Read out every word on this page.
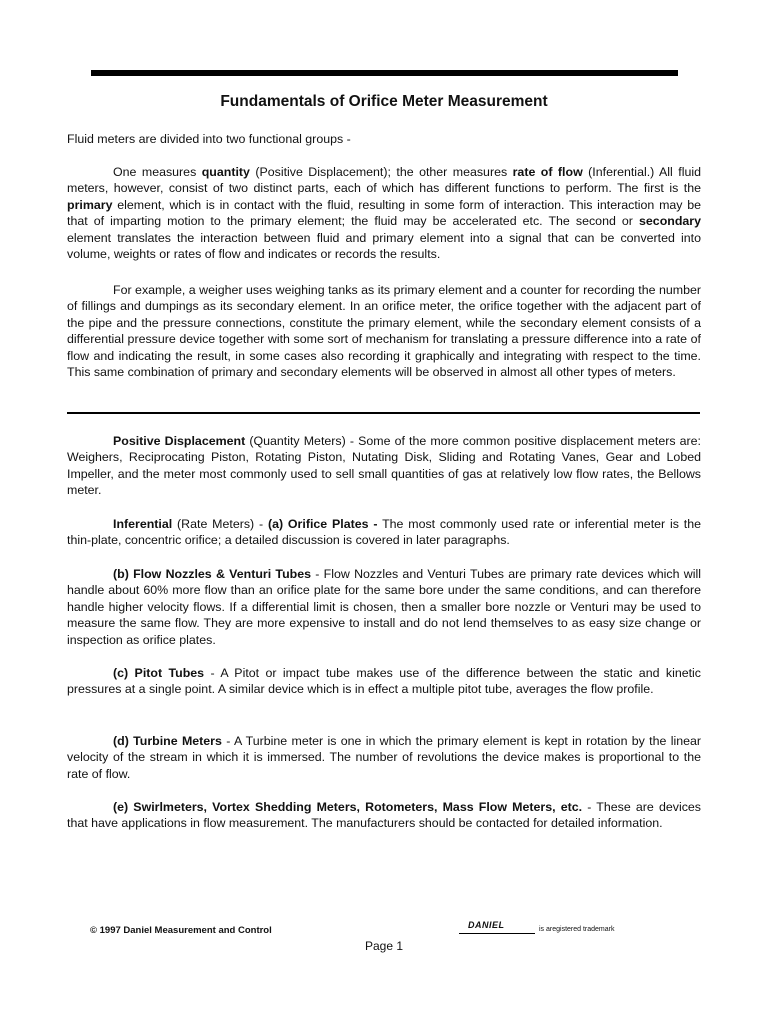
Fundamentals of Orifice Meter Measurement
Fluid meters are divided into two functional groups -
One measures quantity (Positive Displacement); the other measures rate of flow (Inferential.) All fluid meters, however, consist of two distinct parts, each of which has different functions to perform. The first is the primary element, which is in contact with the fluid, resulting in some form of interaction. This interaction may be that of imparting motion to the primary element; the fluid may be accelerated etc. The second or secondary element translates the interaction between fluid and primary element into a signal that can be converted into volume, weights or rates of flow and indicates or records the results.
For example, a weigher uses weighing tanks as its primary element and a counter for recording the number of fillings and dumpings as its secondary element. In an orifice meter, the orifice together with the adjacent part of the pipe and the pressure connections, constitute the primary element, while the secondary element consists of a differential pressure device together with some sort of mechanism for translating a pressure difference into a rate of flow and indicating the result, in some cases also recording it graphically and integrating with respect to the time. This same combination of primary and secondary elements will be observed in almost all other types of meters.
Positive Displacement (Quantity Meters) - Some of the more common positive displacement meters are: Weighers, Reciprocating Piston, Rotating Piston, Nutating Disk, Sliding and Rotating Vanes, Gear and Lobed Impeller, and the meter most commonly used to sell small quantities of gas at relatively low flow rates, the Bellows meter.
Inferential (Rate Meters) - (a) Orifice Plates - The most commonly used rate or inferential meter is the thin-plate, concentric orifice; a detailed discussion is covered in later paragraphs.
(b) Flow Nozzles & Venturi Tubes - Flow Nozzles and Venturi Tubes are primary rate devices which will handle about 60% more flow than an orifice plate for the same bore under the same conditions, and can therefore handle higher velocity flows. If a differential limit is chosen, then a smaller bore nozzle or Venturi may be used to measure the same flow. They are more expensive to install and do not lend themselves to as easy size change or inspection as orifice plates.
(c) Pitot Tubes - A Pitot or impact tube makes use of the difference between the static and kinetic pressures at a single point. A similar device which is in effect a multiple pitot tube, averages the flow profile.
(d) Turbine Meters - A Turbine meter is one in which the primary element is kept in rotation by the linear velocity of the stream in which it is immersed. The number of revolutions the device makes is proportional to the rate of flow.
(e) Swirlmeters, Vortex Shedding Meters, Rotometers, Mass Flow Meters, etc. - These are devices that have applications in flow measurement. The manufacturers should be contacted for detailed information.
© 1997 Daniel Measurement and Control	DANIEL	is aregistered trademark
Page 1
